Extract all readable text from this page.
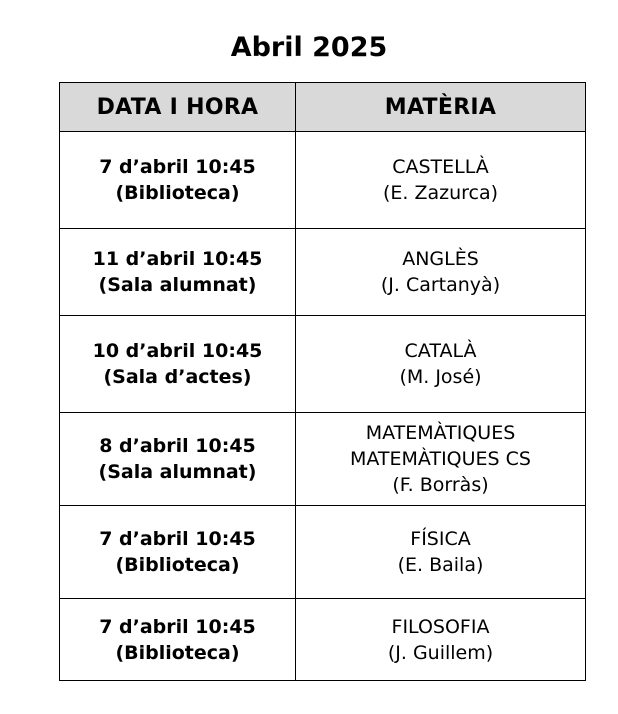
Abril 2025
DATA I HORA	MATÈRIA

7 d’abril 10:45
(Biblioteca)	CASTELLÀ
(E. Zazurca)

11 d’abril 10:45
(Sala alumnat)	ANGLÈS
(J. Cartanyà)

10 d’abril 10:45
(Sala d’actes)	CATALÀ
(M. José)

8 d’abril 10:45
(Sala alumnat)	MATEMÀTIQUES
MATEMÀTIQUES CS
(F. Borràs)

7 d’abril 10:45
(Biblioteca)	FÍSICA
(E. Baila)

7 d’abril 10:45
(Biblioteca)	FILOSOFIA
(J. Guillem)
